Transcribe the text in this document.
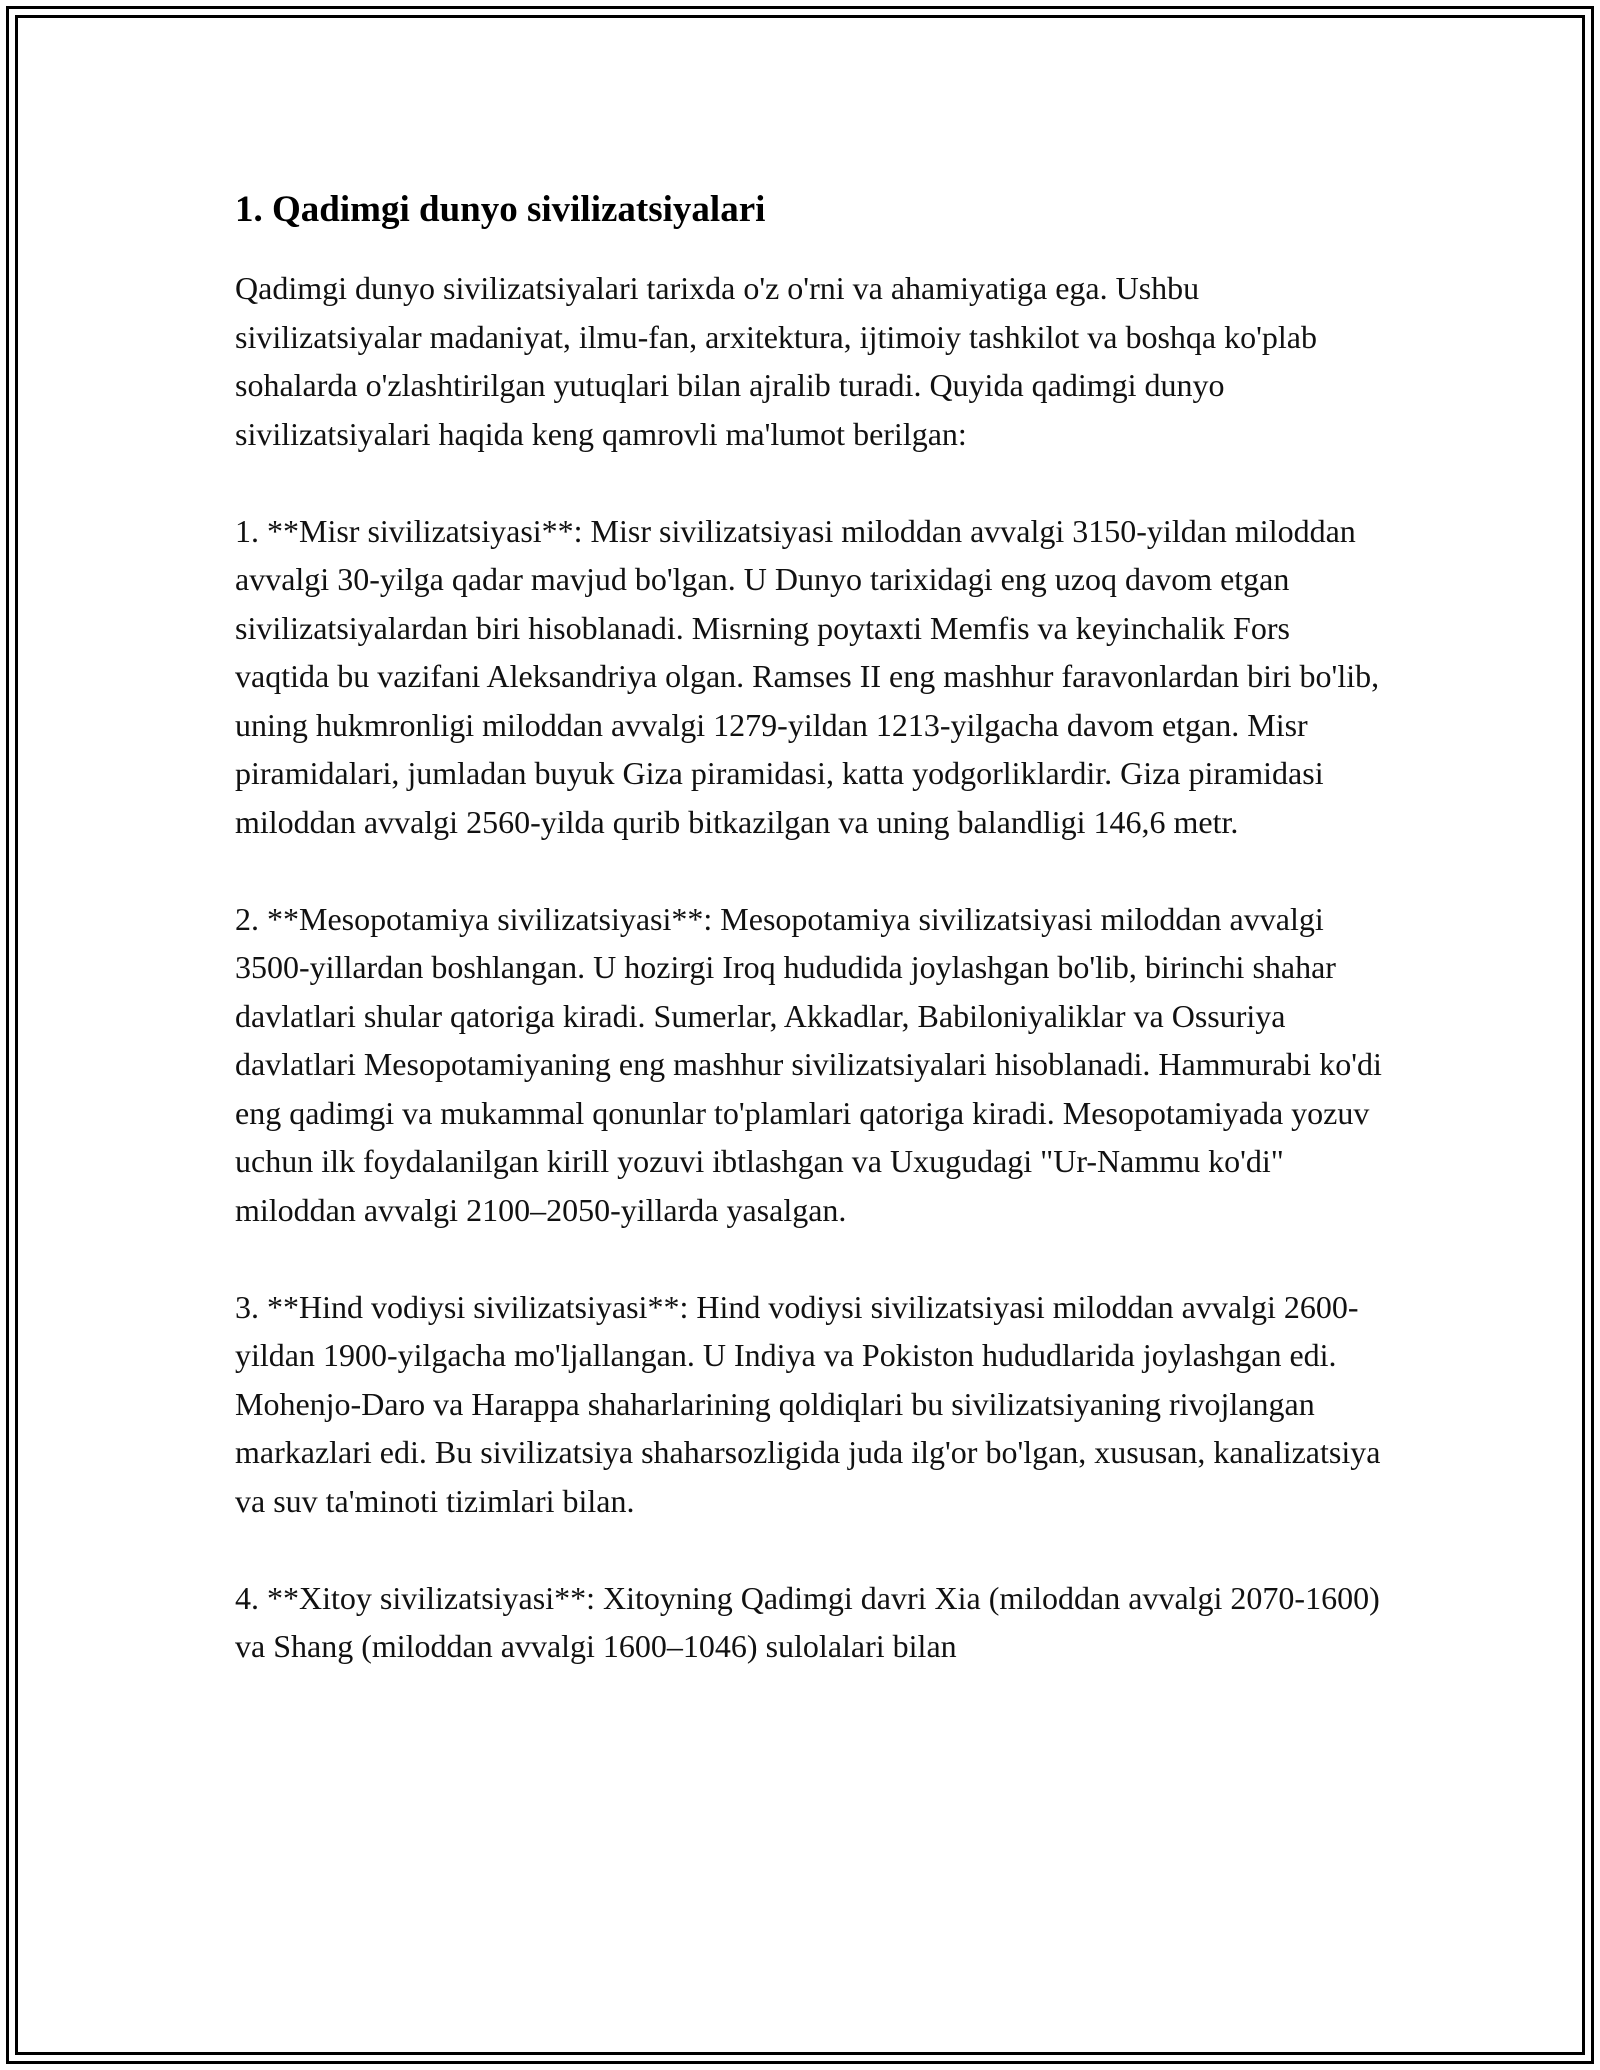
1. Qadimgi dunyo sivilizatsiyalari

Qadimgi dunyo sivilizatsiyalari tarixda o'z o'rni va ahamiyatiga ega. Ushbu sivilizatsiyalar madaniyat, ilmu-fan, arxitektura, ijtimoiy tashkilot va boshqa ko'plab sohalarda o'zlashtirilgan yutuqlari bilan ajralib turadi. Quyida qadimgi dunyo sivilizatsiyalari haqida keng qamrovli ma'lumot berilgan:

1. **Misr sivilizatsiyasi**: Misr sivilizatsiyasi miloddan avvalgi 3150-yildan miloddan avvalgi 30-yilga qadar mavjud bo'lgan. U Dunyo tarixidagi eng uzoq davom etgan sivilizatsiyalardan biri hisoblanadi. Misrning poytaxti Memfis va keyinchalik Fors vaqtida bu vazifani Aleksandriya olgan. Ramses II eng mashhur faravonlardan biri bo'lib, uning hukmronligi miloddan avvalgi 1279-yildan 1213-yilgacha davom etgan. Misr piramidalari, jumladan buyuk Giza piramidasi, katta yodgorliklardir. Giza piramidasi miloddan avvalgi 2560-yilda qurib bitkazilgan va uning balandligi 146,6 metr.

2. **Mesopotamiya sivilizatsiyasi**: Mesopotamiya sivilizatsiyasi miloddan avvalgi 3500-yillardan boshlangan. U hozirgi Iroq hududida joylashgan bo'lib, birinchi shahar davlatlari shular qatoriga kiradi. Sumerlar, Akkadlar, Babiloniyaliklar va Ossuriya davlatlari Mesopotamiyaning eng mashhur sivilizatsiyalari hisoblanadi. Hammurabi ko'di eng qadimgi va mukammal qonunlar to'plamlari qatoriga kiradi. Mesopotamiyada yozuv uchun ilk foydalanilgan kirill yozuvi ibtlashgan va Uxugudagi "Ur-Nammu ko'di" miloddan avvalgi 2100–2050-yillarda yasalgan.

3. **Hind vodiysi sivilizatsiyasi**: Hind vodiysi sivilizatsiyasi miloddan avvalgi 2600-yildan 1900-yilgacha mo'ljallangan. U Indiya va Pokiston hududlarida joylashgan edi. Mohenjo-Daro va Harappa shaharlarining qoldiqlari bu sivilizatsiyaning rivojlangan markazlari edi. Bu sivilizatsiya shaharsozligida juda ilg'or bo'lgan, xususan, kanalizatsiya va suv ta'minoti tizimlari bilan.

4. **Xitoy sivilizatsiyasi**: Xitoyning Qadimgi davri Xia (miloddan avvalgi 2070-1600) va Shang (miloddan avvalgi 1600–1046) sulolalari bilan
